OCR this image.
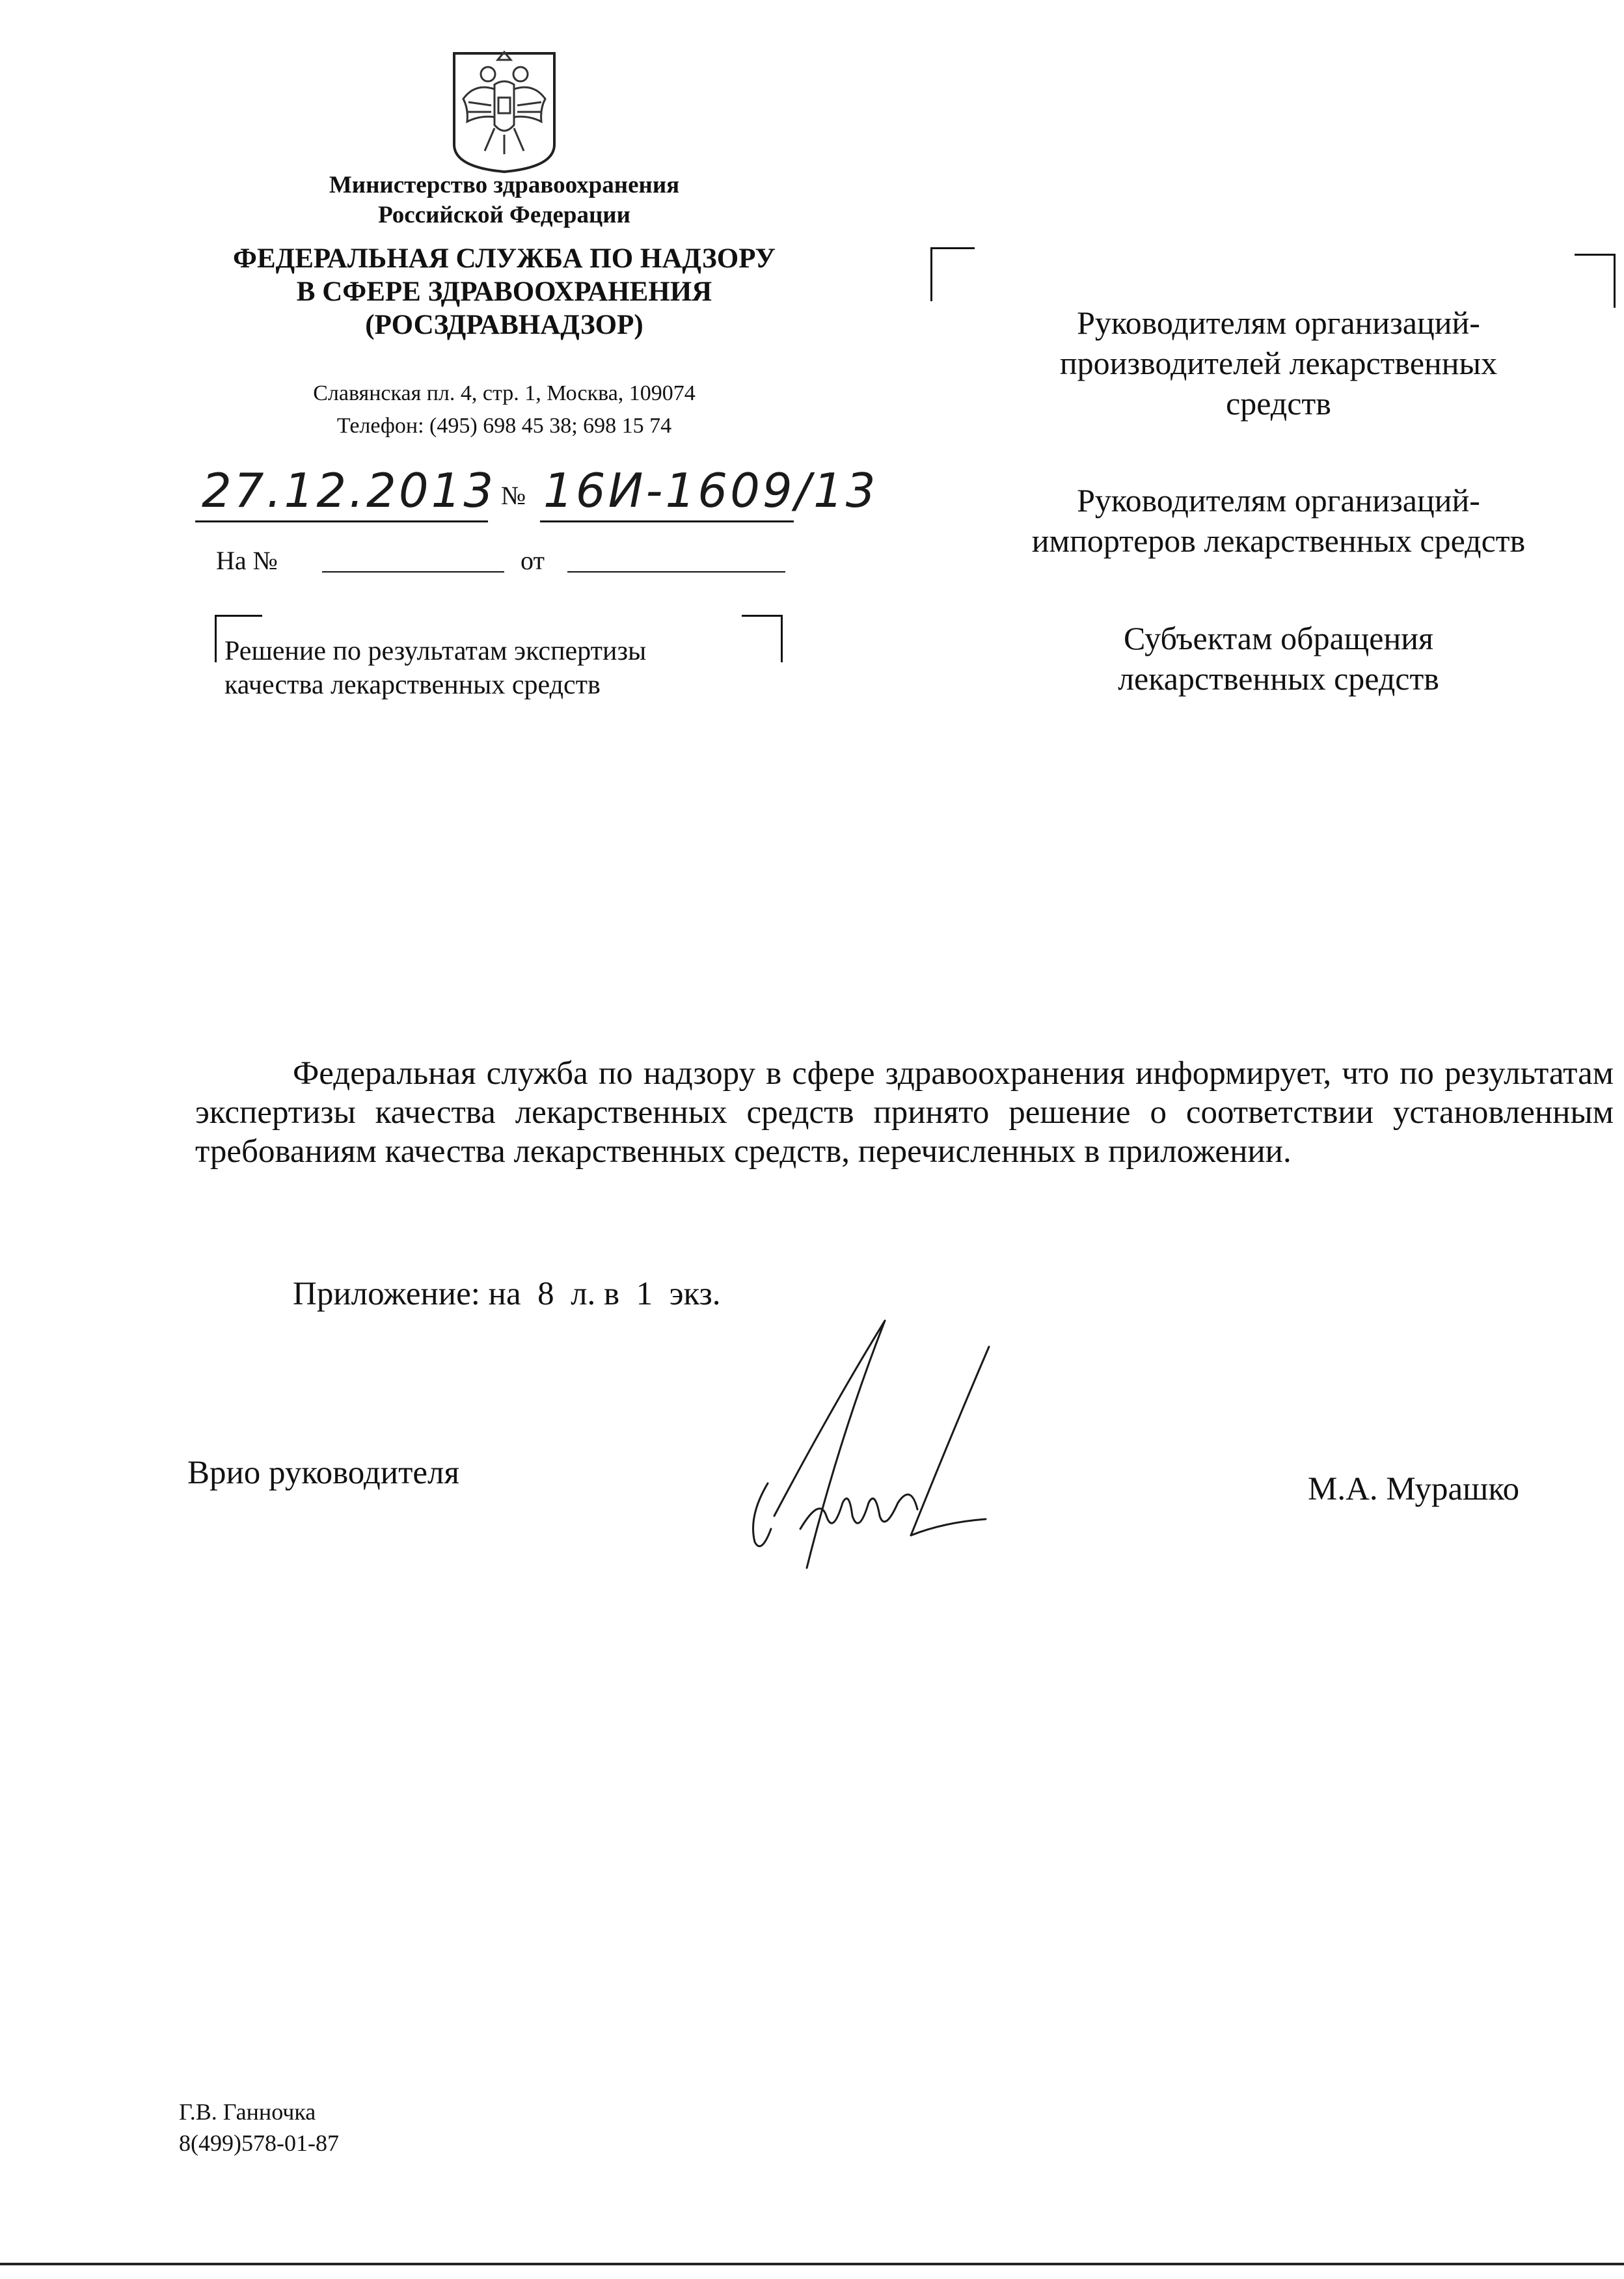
Министерство здравоохранения
Российской Федерации
ФЕДЕРАЛЬНАЯ СЛУЖБА ПО НАДЗОРУ
В СФЕРЕ ЗДРАВООХРАНЕНИЯ
(РОСЗДРАВНАДЗОР)
Славянская пл. 4, стр. 1, Москва, 109074
Телефон: (495) 698 45 38; 698 15 74
27.12.2013 № 16И-1609/13
На №	от
Решение по результатам экспертизы
качества лекарственных средств
Руководителям организаций-
производителей лекарственных
средств
Руководителям организаций-
импортеров лекарственных средств
Субъектам обращения
лекарственных средств
Федеральная служба по надзору в сфере здравоохранения информирует, что по результатам экспертизы качества лекарственных средств принято решение о соответствии установленным требованиям качества лекарственных средств, перечисленных в приложении.
Приложение: на  8  л. в  1  экз.
Врио руководителя	М.А. Мурашко
Г.В. Ганночка
8(499)578-01-87
